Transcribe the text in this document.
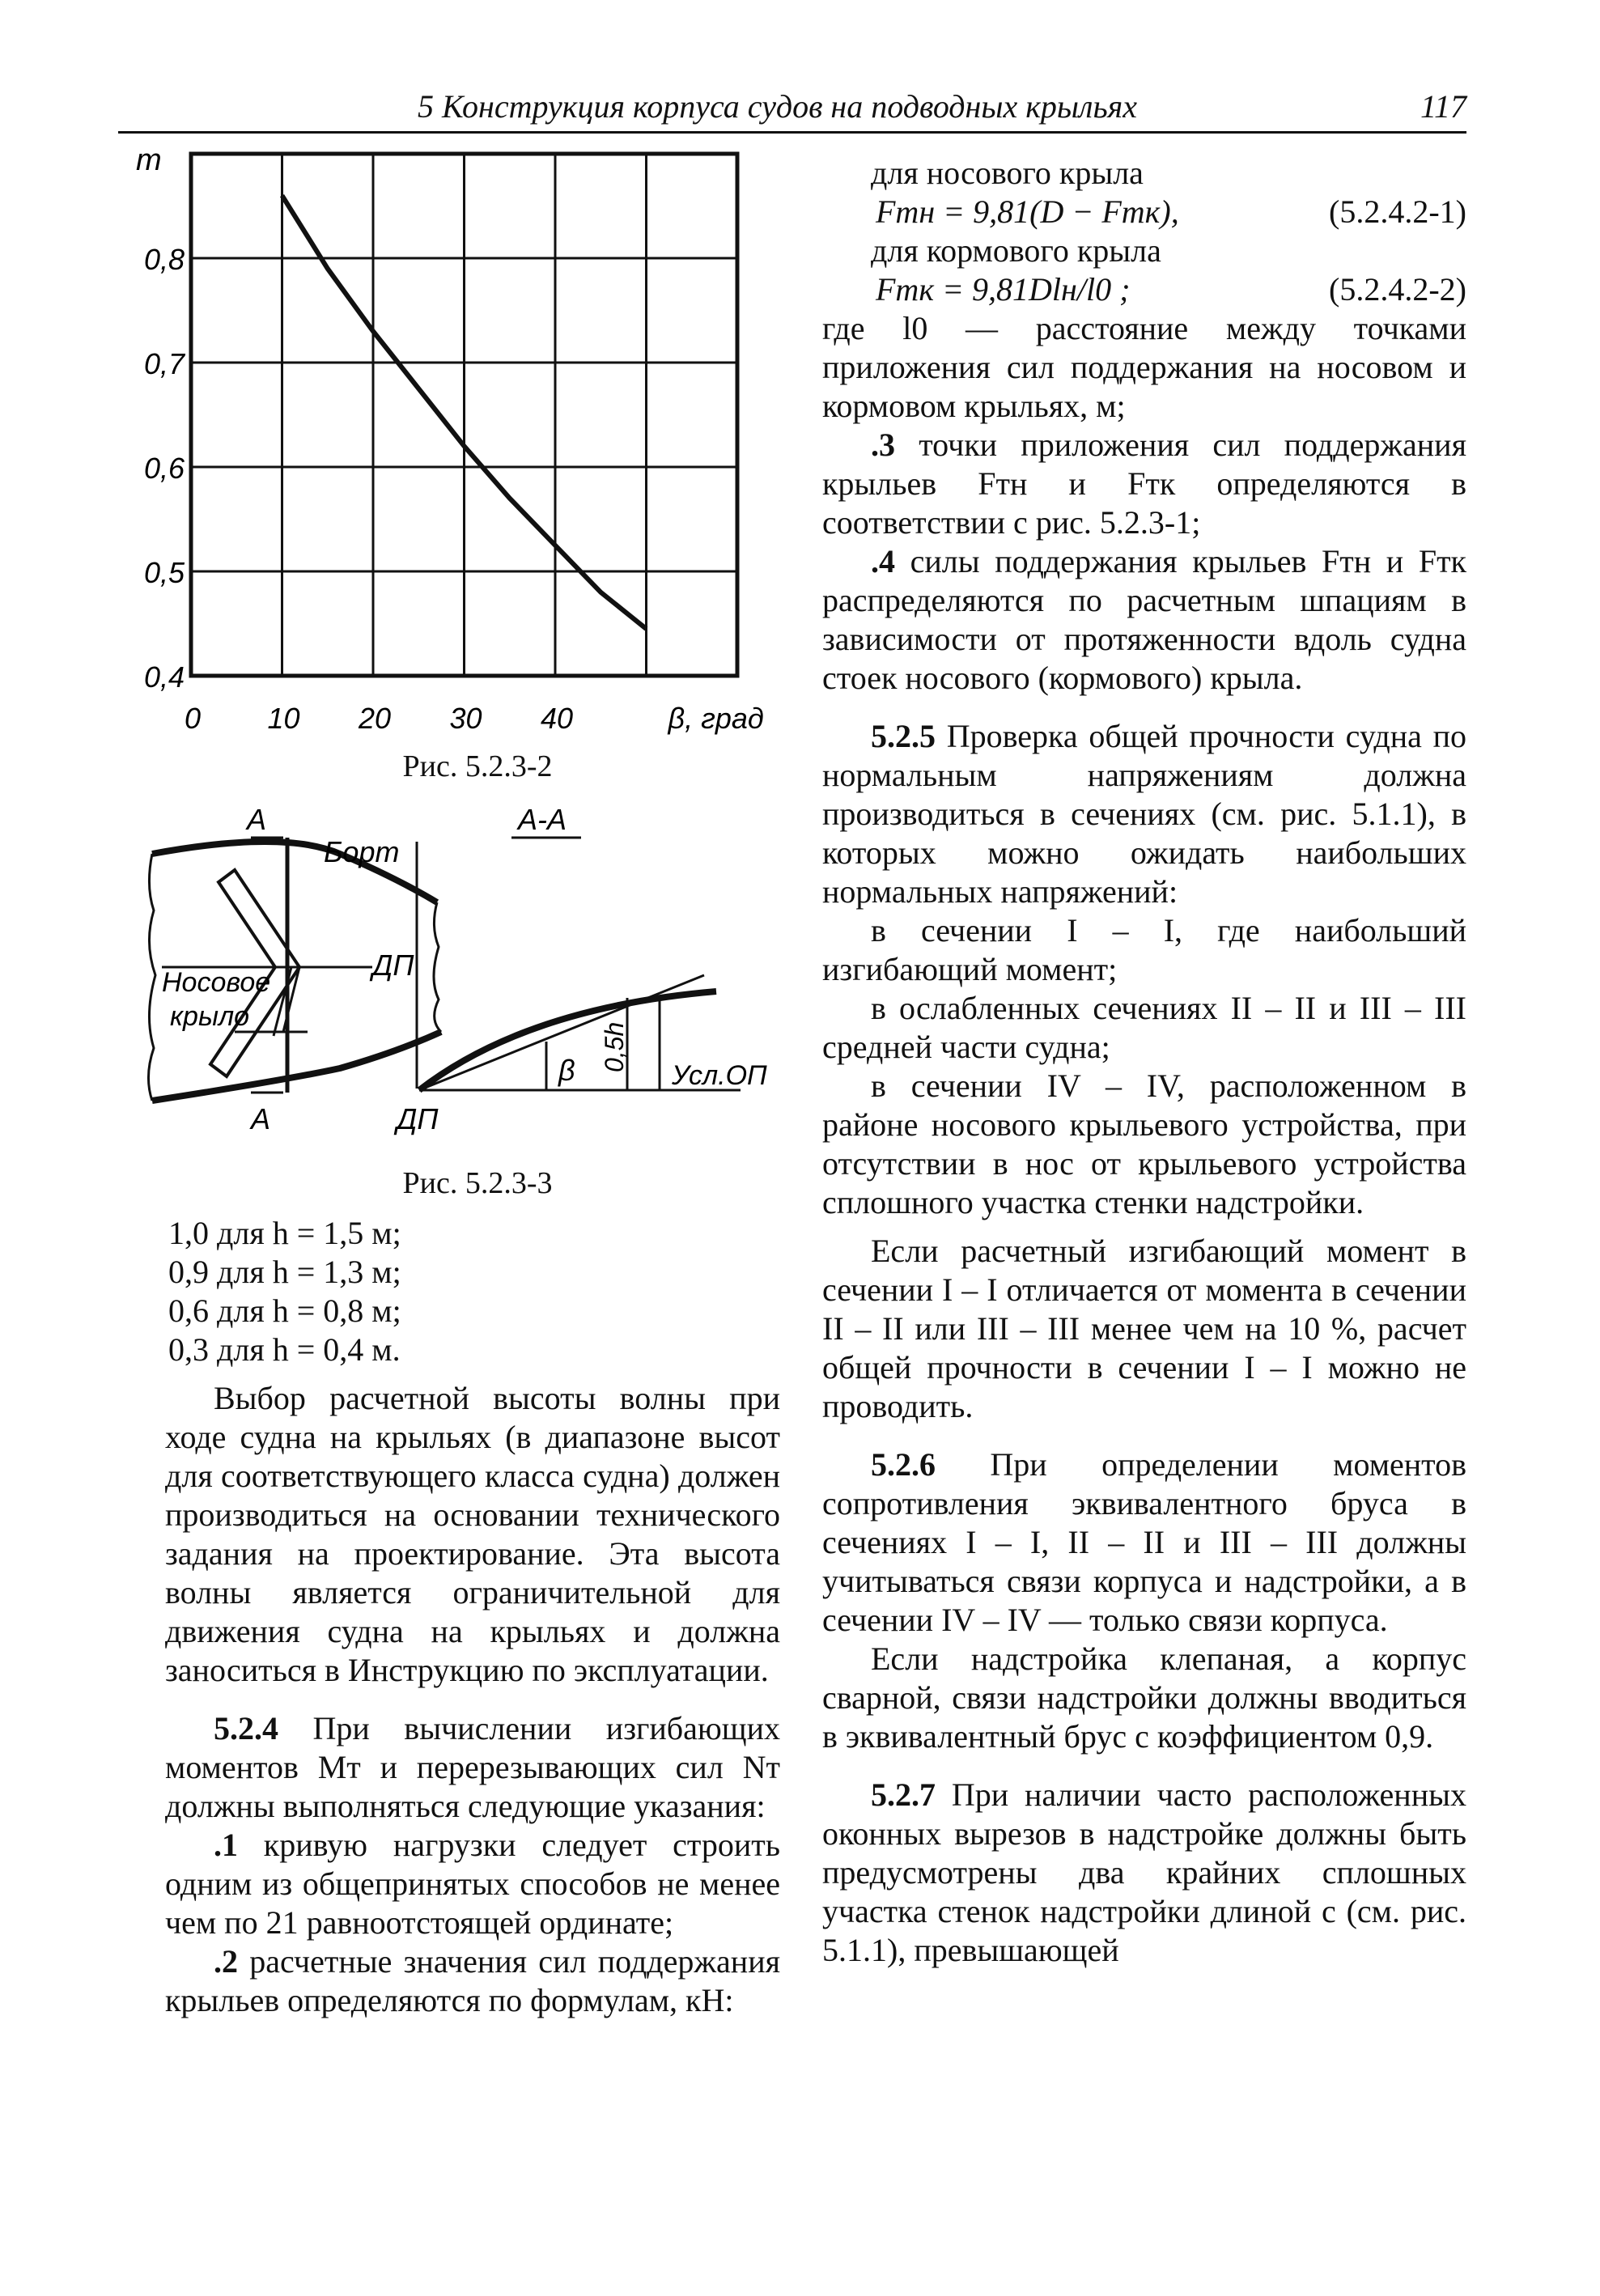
5 Конструкция корпуса судов на подводных крыльях	117
0 10 20 30 40	β, град
0,8
0,7
0,6
0,5
0,4
m
Рис. 5.2.3-2
А
А
Борт
ДП
Носовое
крыло
А-А
β 0,5h
Усл.ОП
ДП
Рис. 5.2.3-3

1,0 для h = 1,5 м;

0,9 для h = 1,3 м;

0,6 для h = 0,8 м;

0,3 для h = 0,4 м.

Выбор расчетной высоты волны при ходе судна на крыльях (в диапазоне высот для соответствующего класса судна) должен производиться на основании технического задания на проектирование. Эта высота волны является ограничительной для движения судна на крыльях и должна заноситься в Инструкцию по эксплуатации.

5.2.4 При вычислении изгибающих моментов Mт и перерезывающих сил Nт должны выполняться следующие указания:

.1 кривую нагрузки следует строить одним из общепринятых способов не менее чем по 21 равноотстоящей ординате;

.2 расчетные значения сил поддержания крыльев определяются по формулам, кН:

для носового крыла

Fтн = 9,81(D − Fтк),	(5.2.4.2-1)

для кормового крыла

Fтк = 9,81Dlн/l0 ;	(5.2.4.2-2)

где l0 — расстояние между точками приложения сил поддержания на носовом и кормовом крыльях, м;

.3 точки приложения сил поддержания крыльев Fтн и Fтк определяются в соответствии с рис. 5.2.3-1;

.4 силы поддержания крыльев Fтн и Fтк распределяются по расчетным шпациям в зависимости от протяженности вдоль судна стоек носового (кормового) крыла.

5.2.5 Проверка общей прочности судна по нормальным напряжениям должна производиться в сечениях (см. рис. 5.1.1), в которых можно ожидать наибольших нормальных напряжений:

в сечении I – I, где наибольший изгибающий момент;

в ослабленных сечениях II – II и III – III средней части судна;

в сечении IV – IV, расположенном в районе носового крыльевого устройства, при отсутствии в нос от крыльевого устройства сплошного участка стенки надстройки.

Если расчетный изгибающий момент в сечении I – I отличается от момента в сечении II – II или III – III менее чем на 10 %, расчет общей прочности в сечении I – I можно не проводить.

5.2.6 При определении моментов сопротивления эквивалентного бруса в сечениях I – I, II – II и III – III должны учитываться связи корпуса и надстройки, а в сечении IV – IV — только связи корпуса.

Если надстройка клепаная, а корпус сварной, связи надстройки должны вводиться в эквивалентный брус с коэффициентом 0,9.

5.2.7 При наличии часто расположенных оконных вырезов в надстройке должны быть предусмотрены два крайних сплошных участка стенок надстройки длиной c (см. рис. 5.1.1), превышающей
